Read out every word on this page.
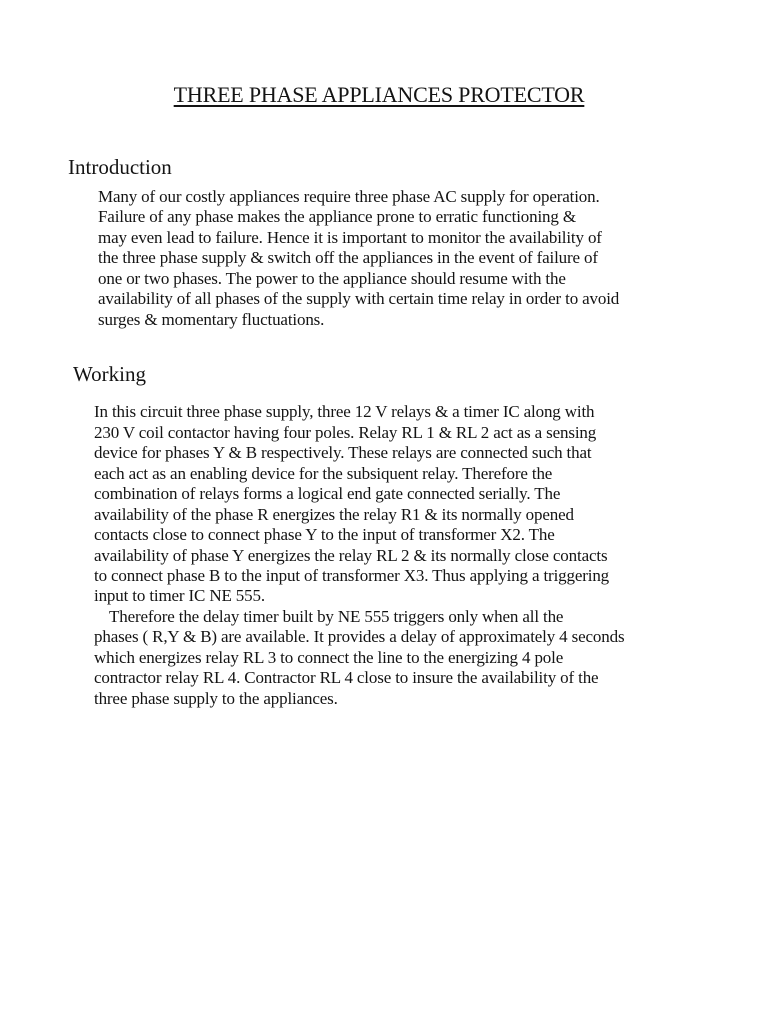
THREE PHASE APPLIANCES PROTECTOR
Introduction
Many of our costly appliances require three phase AC supply for operation.
Failure of any phase makes the appliance prone to erratic functioning &
may even lead to failure. Hence it is important to monitor the availability of
the three phase supply & switch off the appliances in the event of failure of
one or two phases. The power to the appliance should resume with the
availability of all phases of the supply with certain time relay in order to avoid
surges & momentary fluctuations.
Working
In this circuit three phase supply, three 12 V relays & a timer IC along with
230 V coil contactor having four poles. Relay RL 1 & RL 2 act as a sensing
device for phases Y & B respectively. These relays are connected such that
each act as an enabling device for the subsiquent relay. Therefore the
combination of relays forms a logical end gate connected serially. The
availability of the phase R energizes the relay R1 & its normally opened
contacts close to connect phase Y to the input of transformer X2. The
availability of phase Y energizes the relay RL 2 & its normally close contacts
to connect phase B to the input of transformer X3. Thus applying a triggering
input to timer IC NE 555.
Therefore the delay timer built by NE 555 triggers only when all the
phases ( R,Y & B) are available. It provides a delay of approximately 4 seconds
which energizes relay RL 3 to connect the line to the energizing 4 pole
contractor relay RL 4. Contractor RL 4 close to insure the availability of the
three phase supply to the appliances.
